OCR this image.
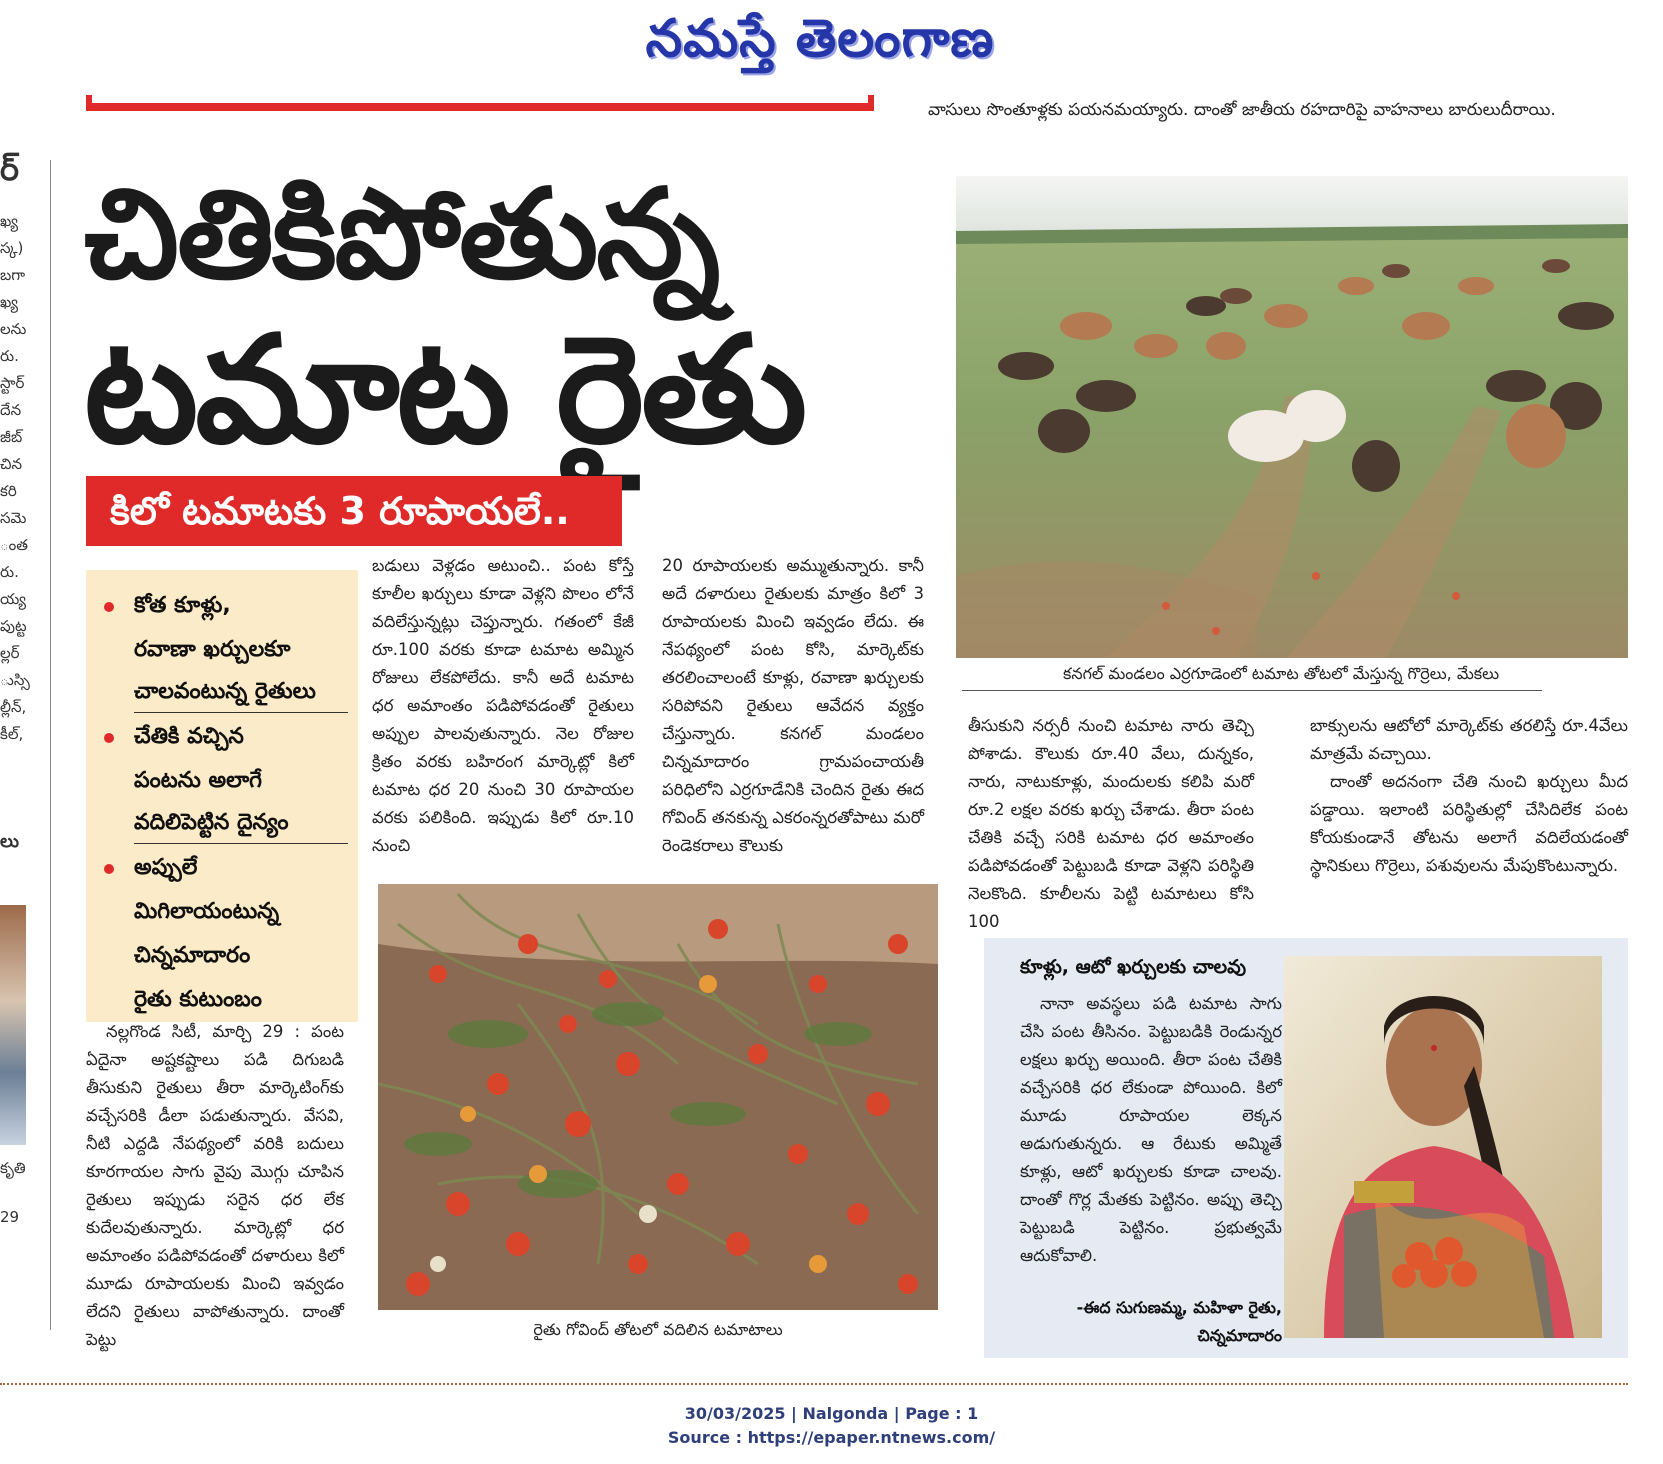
నమస్తే తెలంగాణ
వాసులు సొంతూళ్లకు పయనమయ్యారు. దాంతో జాతీయ రహదారిపై వాహనాలు బారులుదీరాయి.
ర్
ఖ్య
స్క)
బగా
ఖ్య
లను
రు.
స్టార్
దేన
జీబ్
చిన
కరి
సమె
ంత
రు.
య్య
పుట్ట
ల్లర్
ుస్సి
ల్లీన్,
కీల్,
లు
కృతి
29
చితికిపోతున్న
టమాట రైతు
కిలో టమాటకు 3 రూపాయలే..
కోత కూళ్లు,
రవాణా ఖర్చులకూ
చాలవంటున్న రైతులు
చేతికి వచ్చిన
పంటను అలాగే
వదిలిపెట్టిన దైన్యం
అప్పులే
మిగిలాయంటున్న
చిన్నమాదారం
రైతు కుటుంబం

నల్లగొండ సిటీ, మార్చి 29 : పంట ఏదైనా అష్టకష్టాలు పడి దిగుబడి తీసుకుని రైతులు తీరా మార్కెటింగ్‌కు వచ్చేసరికి డీలా పడుతున్నారు. వేసవి, నీటి ఎద్దడి నేపథ్యంలో వరికి బదులు కూరగాయల సాగు వైపు మొగ్గు చూపిన రైతులు ఇప్పుడు సరైన ధర లేక కుదేలవుతున్నారు. మార్కెట్లో ధర అమాంతం పడిపోవడంతో దళారులు కిలో మూడు రూపాయలకు మించి ఇవ్వడం లేదని రైతులు వాపోతున్నారు. దాంతో పెట్టు

బడులు వెళ్లడం అటుంచి.. పంట కోస్తే కూలీల ఖర్చులు కూడా వెళ్లని పొలం లోనే వదిలేస్తున్నట్లు చెప్తున్నారు. గతంలో కేజీ రూ.100 వరకు కూడా టమాట అమ్మిన రోజులు లేకపోలేదు. కానీ అదే టమాట ధర అమాంతం పడిపోవడంతో రైతులు అప్పుల పాలవుతున్నారు. నెల రోజుల క్రితం వరకు బహిరంగ మార్కెట్లో కిలో టమాట ధర 20 నుంచి 30 రూపాయల వరకు పలికింది. ఇప్పుడు కిలో రూ.10 నుంచి

20 రూపాయలకు అమ్ముతున్నారు. కానీ అదే దళారులు రైతులకు మాత్రం కిలో 3 రూపాయలకు మించి ఇవ్వడం లేదు. ఈ నేపథ్యంలో పంట కోసి, మార్కెట్‌కు తరలించాలంటే కూళ్లు, రవాణా ఖర్చులకు సరిపోవని రైతులు ఆవేదన వ్యక్తం చేస్తున్నారు. కనగల్ మండలం చిన్నమాదారం గ్రామపంచాయతీ పరిధిలోని ఎర్రగూడేనికి చెందిన రైతు ఈద గోవింద్ తనకున్న ఎకరంన్నరతోపాటు మరో రెండెకరాలు కౌలుకు

తీసుకుని నర్సరీ నుంచి టమాట నారు తెచ్చి పోశాడు. కౌలుకు రూ.40 వేలు, దున్నకం, నారు, నాటుకూళ్లు, మందులకు కలిపి మరో రూ.2 లక్షల వరకు ఖర్చు చేశాడు. తీరా పంట చేతికి వచ్చే సరికి టమాట ధర అమాంతం పడిపోవడంతో పెట్టుబడి కూడా వెళ్లని పరిస్థితి నెలకొంది. కూలీలను పెట్టి టమాటలు కోసి 100

బాక్సులను ఆటోలో మార్కెట్‌కు తరలిస్తే రూ.4వేలు మాత్రమే వచ్చాయి.

దాంతో అదనంగా చేతి నుంచి ఖర్చులు మీద పడ్డాయి. ఇలాంటి పరిస్థితుల్లో చేసిదిలేక పంట కోయకుండానే తోటను అలాగే వదిలేయడంతో స్థానికులు గొర్రెలు, పశువులను మేపుకొంటున్నారు.

కనగల్ మండలం ఎర్రగూడెంలో టమాట తోటలో మేస్తున్న గొర్రెలు, మేకలు
రైతు గోవింద్ తోటలో వదిలిన టమాటాలు
కూళ్లు, ఆటో ఖర్చులకు చాలవు
నానా అవస్థలు పడి టమాట సాగు చేసి పంట తీసినం. పెట్టుబడికి రెండున్నర లక్షలు ఖర్చు అయింది. తీరా పంట చేతికి వచ్చేసరికి ధర లేకుండా పోయింది. కిలో మూడు రూపాయల లెక్కన అడుగుతున్నరు. ఆ రేటుకు అమ్మితే కూళ్లు, ఆటో ఖర్చులకు కూడా చాలవు. దాంతో గొర్ల మేతకు పెట్టినం. అప్పు తెచ్చి పెట్టుబడి పెట్టినం. ప్రభుత్వమే ఆదుకోవాలి.
-ఈద సుగుణమ్మ, మహిళా రైతు,
చిన్నమాదారం
30/03/2025 | Nalgonda | Page : 1
Source : https://epaper.ntnews.com/
